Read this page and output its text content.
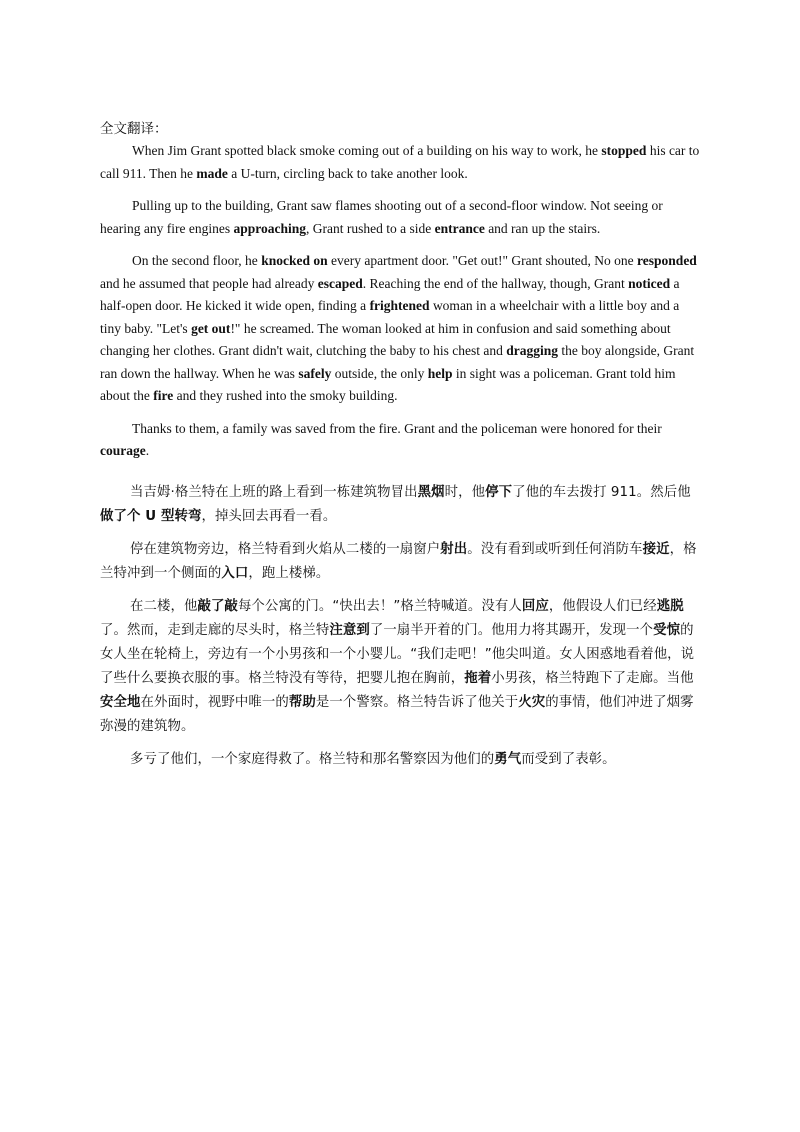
全文翻译：

When Jim Grant spotted black smoke coming out of a building on his way to work, he stopped his car to call 911. Then he made a U-turn, circling back to take another look.

Pulling up to the building, Grant saw flames shooting out of a second-floor window. Not seeing or hearing any fire engines approaching, Grant rushed to a side entrance and ran up the stairs.

On the second floor, he knocked on every apartment door. "Get out!" Grant shouted, No one responded and he assumed that people had already escaped. Reaching the end of the hallway, though, Grant noticed a half-open door. He kicked it wide open, finding a frightened woman in a wheelchair with a little boy and a tiny baby. "Let's get out!" he screamed. The woman looked at him in confusion and said something about changing her clothes. Grant didn't wait, clutching the baby to his chest and dragging the boy alongside, Grant ran down the hallway. When he was safely outside, the only help in sight was a policeman. Grant told him about the fire and they rushed into the smoky building.

Thanks to them, a family was saved from the fire. Grant and the policeman were honored for their courage.

当吉姆·格兰特在上班的路上看到一栋建筑物冒出黑烟时，他停下了他的车去拨打 911。然后他做了个 U 型转弯，掉头回去再看一看。

停在建筑物旁边，格兰特看到火焰从二楼的一扇窗户射出。没有看到或听到任何消防车接近，格兰特冲到一个侧面的入口，跑上楼梯。

在二楼，他敲了敲每个公寓的门。“快出去！”格兰特喊道。没有人回应，他假设人们已经逃脱了。然而，走到走廊的尽头时，格兰特注意到了一扇半开着的门。他用力将其踢开，发现一个受惊的女人坐在轮椅上，旁边有一个小男孩和一个小婴儿。“我们走吧！”他尖叫道。女人困惑地看着他，说了些什么要换衣服的事。格兰特没有等待，把婴儿抱在胸前，拖着小男孩，格兰特跑下了走廊。当他安全地在外面时，视野中唯一的帮助是一个警察。格兰特告诉了他关于火灾的事情，他们冲进了烟雾弥漫的建筑物。

多亏了他们，一个家庭得救了。格兰特和那名警察因为他们的勇气而受到了表彰。
